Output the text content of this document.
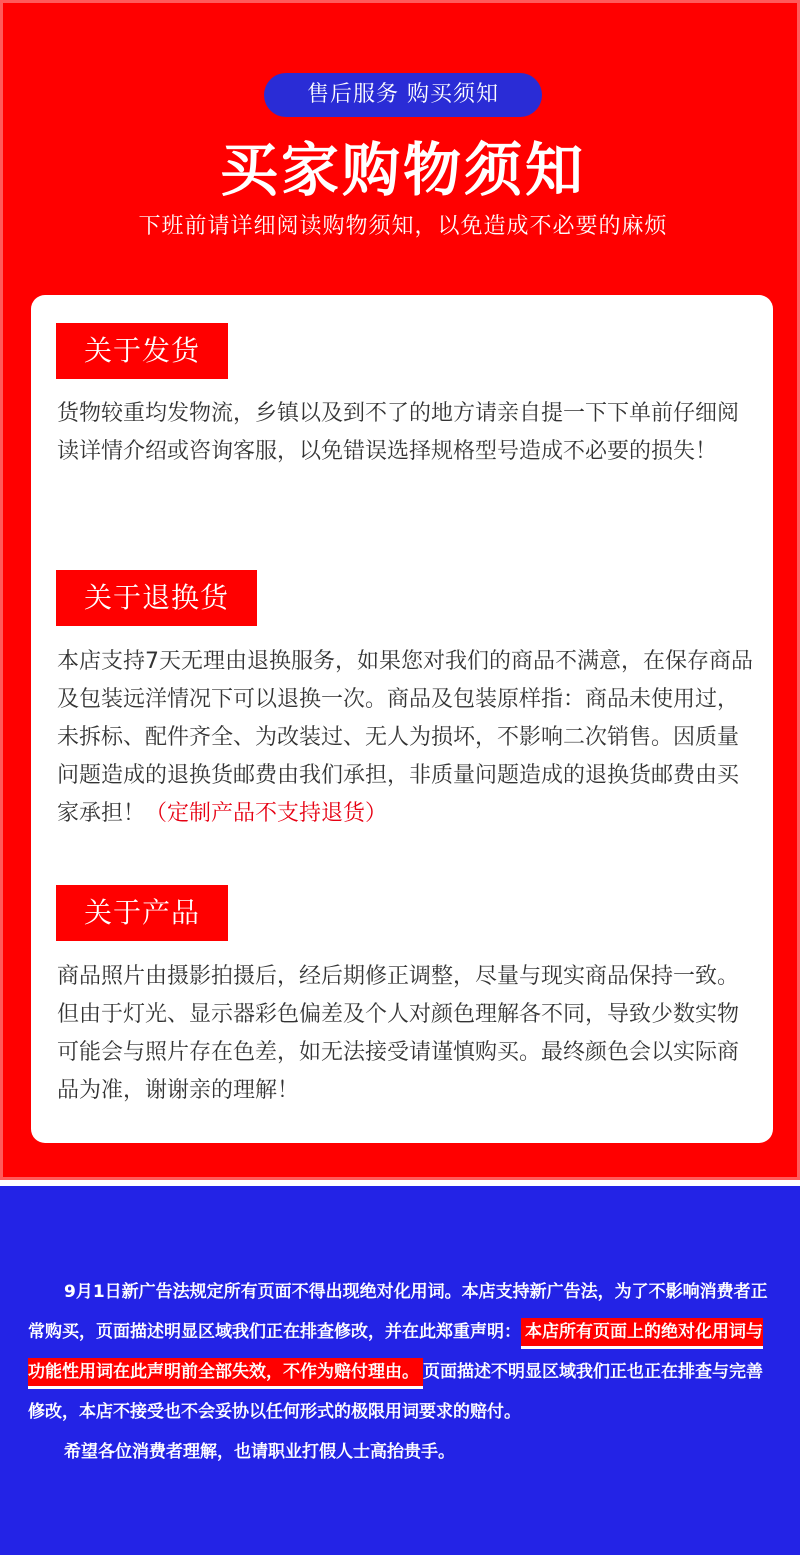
售后服务 购买须知
买家购物须知
下班前请详细阅读购物须知，以免造成不必要的麻烦
关于发货
货物较重均发物流，乡镇以及到不了的地方请亲自提一下下单前仔细阅读详情介绍或咨询客服，以免错误选择规格型号造成不必要的损失！
关于退换货
本店支持7天无理由退换服务，如果您对我们的商品不满意，在保存商品及包装远洋情况下可以退换一次。商品及包装原样指：商品未使用过，未拆标、配件齐全、为改装过、无人为损坏，不影响二次销售。因质量问题造成的退换货邮费由我们承担，非质量问题造成的退换货邮费由买家承担！（定制产品不支持退货）
关于产品
商品照片由摄影拍摄后，经后期修正调整，尽量与现实商品保持一致。但由于灯光、显示器彩色偏差及个人对颜色理解各不同，导致少数实物可能会与照片存在色差，如无法接受请谨慎购买。最终颜色会以实际商品为准，谢谢亲的理解！
9月1日新广告法规定所有页面不得出现绝对化用词。本店支持新广告法，为了不影响消费者正常购买，页面描述明显区域我们正在排查修改，并在此郑重声明： 本店所有页面上的绝对化用词与功能性用词在此声明前全部失效，不作为赔付理由。 页面描述不明显区域我们正也正在排查与完善修改，本店不接受也不会妥协以任何形式的极限用词要求的赔付。
希望各位消费者理解，也请职业打假人士高抬贵手。
